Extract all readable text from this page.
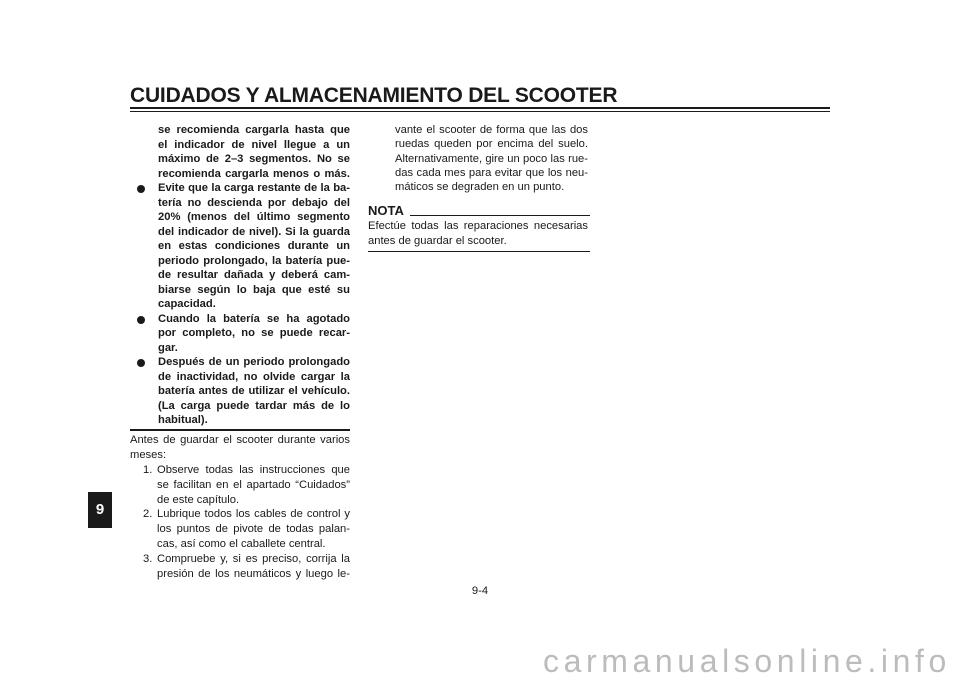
CUIDADOS Y ALMACENAMIENTO DEL SCOOTER
9
se recomienda cargarla hasta que
el indicador de nivel llegue a un
máximo de 2–3 segmentos. No se
recomienda cargarla menos o más.
Evite que la carga restante de la ba-
tería no descienda por debajo del
20% (menos del último segmento
del indicador de nivel). Si la guarda
en estas condiciones durante un
periodo prolongado, la batería pue-
de resultar dañada y deberá cam-
biarse según lo baja que esté su
capacidad.
Cuando la batería se ha agotado
por completo, no se puede recar-
gar.
Después de un periodo prolongado
de inactividad, no olvide cargar la
batería antes de utilizar el vehículo.
(La carga puede tardar más de lo
habitual).
Antes de guardar el scooter durante varios
meses:
1. Observe todas las instrucciones que
se facilitan en el apartado “Cuidados”
de este capítulo.
2. Lubrique todos los cables de control y
los puntos de pivote de todas palan-
cas, así como el caballete central.
3. Compruebe y, si es preciso, corrija la
presión de los neumáticos y luego le-
vante el scooter de forma que las dos
ruedas queden por encima del suelo.
Alternativamente, gire un poco las rue-
das cada mes para evitar que los neu-
máticos se degraden en un punto.
NOTA
Efectúe todas las reparaciones necesarias
antes de guardar el scooter.
9-4
carmanualsonline.info
